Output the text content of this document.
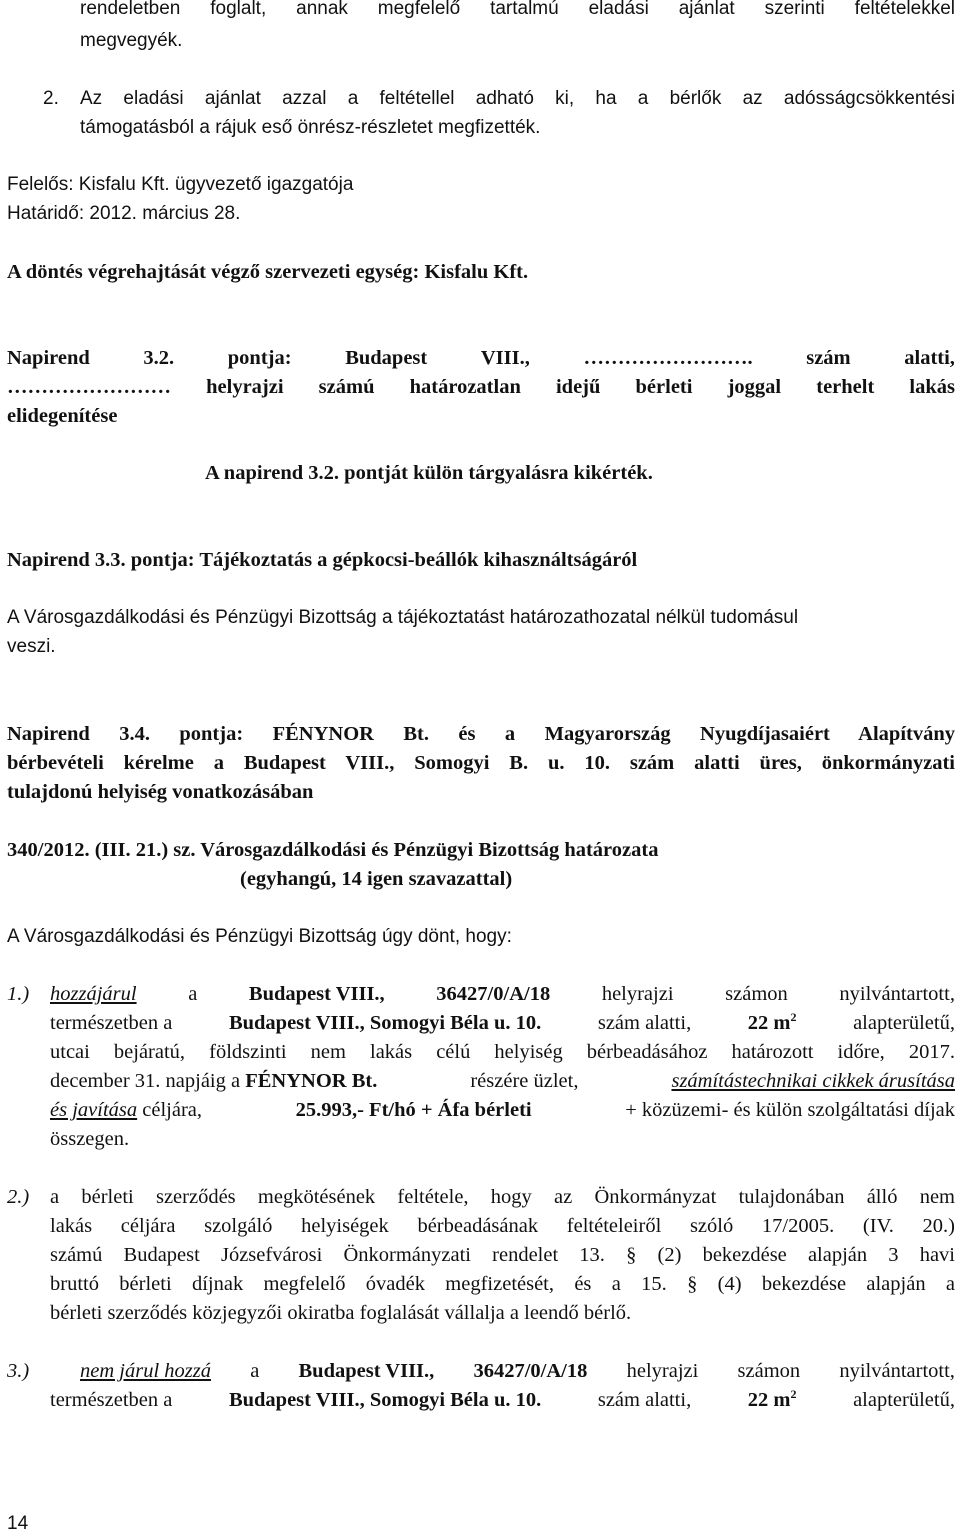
rendeletben foglalt, annak megfelelő tartalmú eladási ajánlat szerinti feltételekkel

megvegyék.

2. Az eladási ajánlat azzal a feltétellel adható ki, ha a bérlők az adósságcsökkentési

támogatásból a rájuk eső önrész-részletet megfizették.

Felelős: Kisfalu Kft. ügyvezető igazgatója

Határidő: 2012. március 28.

A döntés végrehajtását végző szervezeti egység: Kisfalu Kft.

Napirend	3.2.	pontja:	Budapest	VIII.,	…………………….	szám	alatti,

…………………… helyrajzi számú határozatlan idejű bérleti joggal terhelt lakás

elidegenítése

A napirend 3.2. pontját külön tárgyalásra kikérték.

Napirend 3.3. pontja: Tájékoztatás a gépkocsi-beállók kihasználtságáról

A Városgazdálkodási és Pénzügyi Bizottság a tájékoztatást határozathozatal nélkül tudomásul

veszi.

Napirend 3.4. pontja: FÉNYNOR Bt. és a Magyarország Nyugdíjasaiért Alapítvány

bérbevételi kérelme a Budapest VIII., Somogyi B. u. 10. szám alatti üres, önkormányzati

tulajdonú helyiség vonatkozásában

340/2012. (III. 21.) sz. Városgazdálkodási és Pénzügyi Bizottság határozata

(egyhangú, 14 igen szavazattal)

A Városgazdálkodási és Pénzügyi Bizottság úgy dönt, hogy:

1.) hozzájárul	a	Budapest VIII.,	36427/0/A/18	helyrajzi	számon	nyilvántartott,

természetben a	Budapest VIII., Somogyi Béla u. 10.	szám alatti,	22 $m^2$	alapterületű,

utcai bejáratú, földszinti nem lakás célú helyiség bérbeadásához határozott időre, 2017.

december 31. napjáig a FÉNYNOR Bt.	részére üzlet,	számítástechnikai cikkek árusítása

és javítása céljára,	25.993,- Ft/hó + Áfa bérleti	+ közüzemi- és külön szolgáltatási díjak

összegen.

2.) a bérleti szerződés megkötésének feltétele, hogy az Önkormányzat tulajdonában álló nem

lakás céljára szolgáló helyiségek bérbeadásának feltételeiről szóló 17/2005. (IV. 20.)

számú Budapest Józsefvárosi Önkormányzati rendelet 13. § (2) bekezdése alapján 3 havi

bruttó bérleti díjnak megfelelő óvadék megfizetését, és a 15. § (4) bekezdése alapján a

bérleti szerződés közjegyzői okiratba foglalását vállalja a leendő bérlő.

3.) nem járul hozzá a Budapest VIII., 36427/0/A/18 helyrajzi számon nyilvántartott,

természetben a	Budapest VIII., Somogyi Béla u. 10.	szám alatti,	22 $m^2$	alapterületű,

14
